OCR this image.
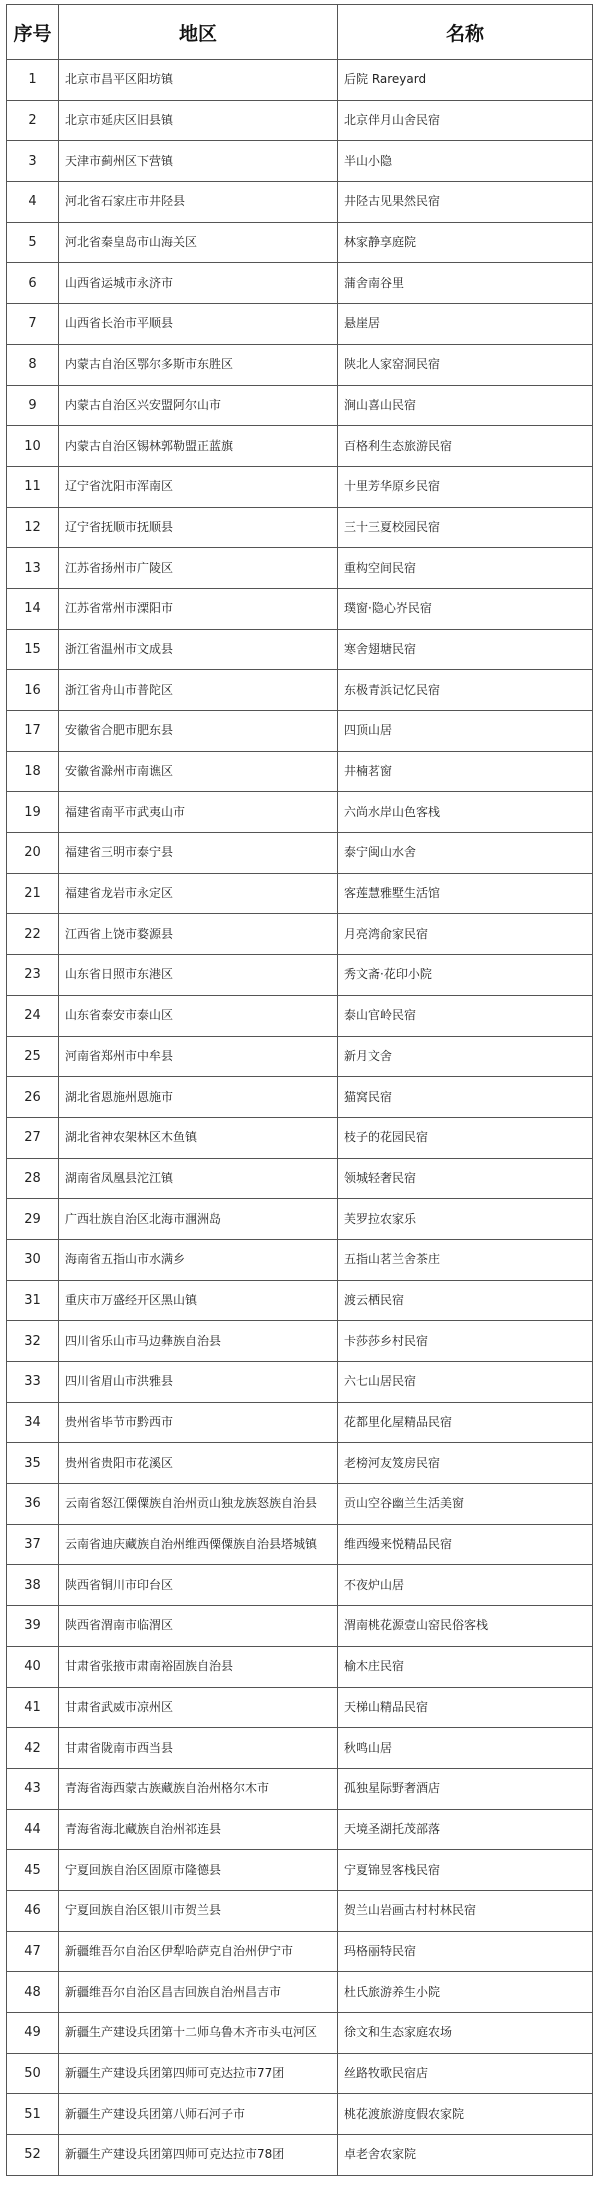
序号	地区	名称
1	北京市昌平区阳坊镇	后院 Rareyard
2	北京市延庆区旧县镇	北京伴月山舍民宿
3	天津市蓟州区下营镇	半山小隐
4	河北省石家庄市井陉县	井陉古见果然民宿
5	河北省秦皇岛市山海关区	林家静享庭院
6	山西省运城市永济市	蒲舍南谷里
7	山西省长治市平顺县	悬崖居
8	内蒙古自治区鄂尔多斯市东胜区	陕北人家窑洞民宿
9	内蒙古自治区兴安盟阿尔山市	涧山喜山民宿
10	内蒙古自治区锡林郭勒盟正蓝旗	百格利生态旅游民宿
11	辽宁省沈阳市浑南区	十里芳华原乡民宿
12	辽宁省抚顺市抚顺县	三十三夏校园民宿
13	江苏省扬州市广陵区	重构空间民宿
14	江苏省常州市溧阳市	璞窗·隐心岕民宿
15	浙江省温州市文成县	寒舍翅塘民宿
16	浙江省舟山市普陀区	东极青浜记忆民宿
17	安徽省合肥市肥东县	四顶山居
18	安徽省滁州市南谯区	井楠茗窗
19	福建省南平市武夷山市	六尚水岸山色客栈
20	福建省三明市泰宁县	泰宁闽山水舍
21	福建省龙岩市永定区	客莲慧雅墅生活馆
22	江西省上饶市婺源县	月亮湾俞家民宿
23	山东省日照市东港区	秀文斋·花印小院
24	山东省泰安市泰山区	泰山官岭民宿
25	河南省郑州市中牟县	新月文舍
26	湖北省恩施州恩施市	猫窝民宿
27	湖北省神农架林区木鱼镇	枝子的花园民宿
28	湖南省凤凰县沱江镇	领城轻奢民宿
29	广西壮族自治区北海市涠洲岛	芙罗拉农家乐
30	海南省五指山市水满乡	五指山茗兰舍茶庄
31	重庆市万盛经开区黑山镇	渡云栖民宿
32	四川省乐山市马边彝族自治县	卡莎莎乡村民宿
33	四川省眉山市洪雅县	六七山居民宿
34	贵州省毕节市黔西市	花都里化屋精品民宿
35	贵州省贵阳市花溪区	老榜河友笈房民宿
36	云南省怒江傈僳族自治州贡山独龙族怒族自治县	贡山空谷幽兰生活美窗
37	云南省迪庆藏族自治州维西傈僳族自治县塔城镇	维西缦来悦精品民宿
38	陕西省铜川市印台区	不夜炉山居
39	陕西省渭南市临渭区	渭南桃花源壹山窑民俗客栈
40	甘肃省张掖市肃南裕固族自治县	榆木庄民宿
41	甘肃省武威市凉州区	天梯山精品民宿
42	甘肃省陇南市西当县	秋鸣山居
43	青海省海西蒙古族藏族自治州格尔木市	孤独星际野奢酒店
44	青海省海北藏族自治州祁连县	天境圣湖托茂部落
45	宁夏回族自治区固原市隆德县	宁夏锦昱客栈民宿
46	宁夏回族自治区银川市贺兰县	贺兰山岩画古村村林民宿
47	新疆维吾尔自治区伊犁哈萨克自治州伊宁市	玛格丽特民宿
48	新疆维吾尔自治区昌吉回族自治州昌吉市	杜氏旅游养生小院
49	新疆生产建设兵团第十二师乌鲁木齐市头屯河区	徐文和生态家庭农场
50	新疆生产建设兵团第四师可克达拉市77团	丝路牧歌民宿店
51	新疆生产建设兵团第八师石河子市	桃花渡旅游度假农家院
52	新疆生产建设兵团第四师可克达拉市78团	卓老舍农家院
